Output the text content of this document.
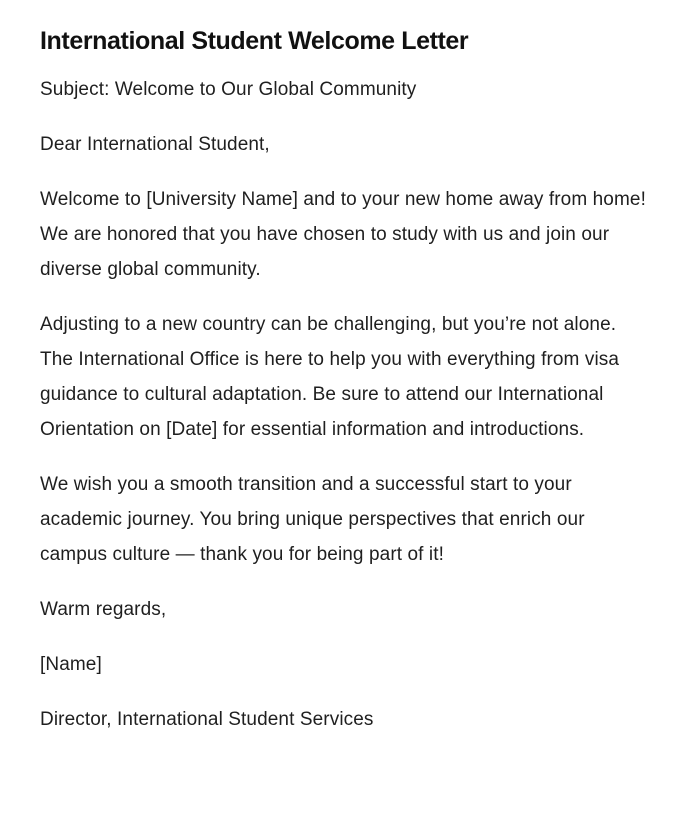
International Student Welcome Letter

Subject: Welcome to Our Global Community

Dear International Student,

Welcome to [University Name] and to your new home away from home! We are honored that you have chosen to study with us and join our diverse global community.

Adjusting to a new country can be challenging, but you’re not alone. The International Office is here to help you with everything from visa guidance to cultural adaptation. Be sure to attend our International Orientation on [Date] for essential information and introductions.

We wish you a smooth transition and a successful start to your academic journey. You bring unique perspectives that enrich our campus culture — thank you for being part of it!

Warm regards,

[Name]

Director, International Student Services
